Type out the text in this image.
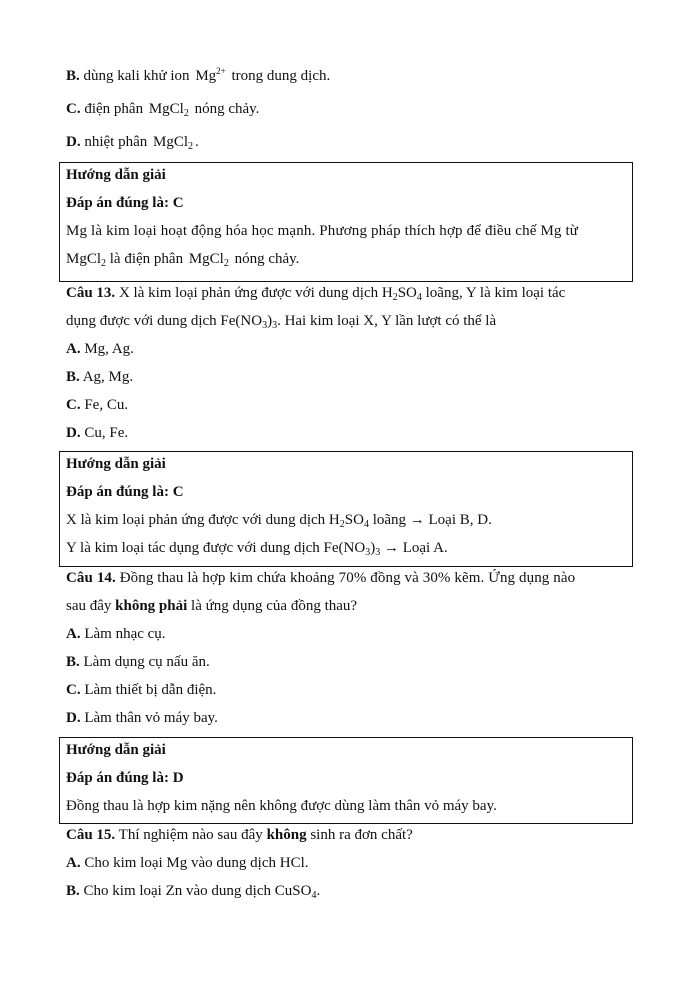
B. dùng kali khử ion $Mg^{2+}$ trong dung dịch.
C. điện phân MgCl$_2$ nóng chảy.
D. nhiệt phân MgCl$_2$ .
Hướng dẫn giải
Đáp án đúng là: C
Mg là kim loại hoạt động hóa học mạnh. Phương pháp thích hợp để điều chế Mg từ
MgCl$_2$ là điện phân MgCl$_2$ nóng chảy.
Câu 13. X là kim loại phản ứng được với dung dịch $H_2SO_4$ loãng, Y là kim loại tác
dụng được với dung dịch $Fe(NO_3)_3$. Hai kim loại X, Y lần lượt có thể là
A. Mg, Ag.
B. Ag, Mg.
C. Fe, Cu.
D. Cu, Fe.
Hướng dẫn giải
Đáp án đúng là: C
X là kim loại phản ứng được với dung dịch $H_2SO_4$ loãng → Loại B, D.
Y là kim loại tác dụng được với dung dịch $Fe(NO_3)_3$ → Loại A.
Câu 14. Đồng thau là hợp kim chứa khoảng 70% đồng và 30% kẽm. Ứng dụng nào
sau đây không phải là ứng dụng của đồng thau?
A. Làm nhạc cụ.
B. Làm dụng cụ nấu ăn.
C. Làm thiết bị dẫn điện.
D. Làm thân vỏ máy bay.
Hướng dẫn giải
Đáp án đúng là: D
Đồng thau là hợp kim nặng nên không được dùng làm thân vỏ máy bay.
Câu 15. Thí nghiệm nào sau đây không sinh ra đơn chất?
A. Cho kim loại Mg vào dung dịch HCl.
B. Cho kim loại Zn vào dung dịch CuSO$_4$.
